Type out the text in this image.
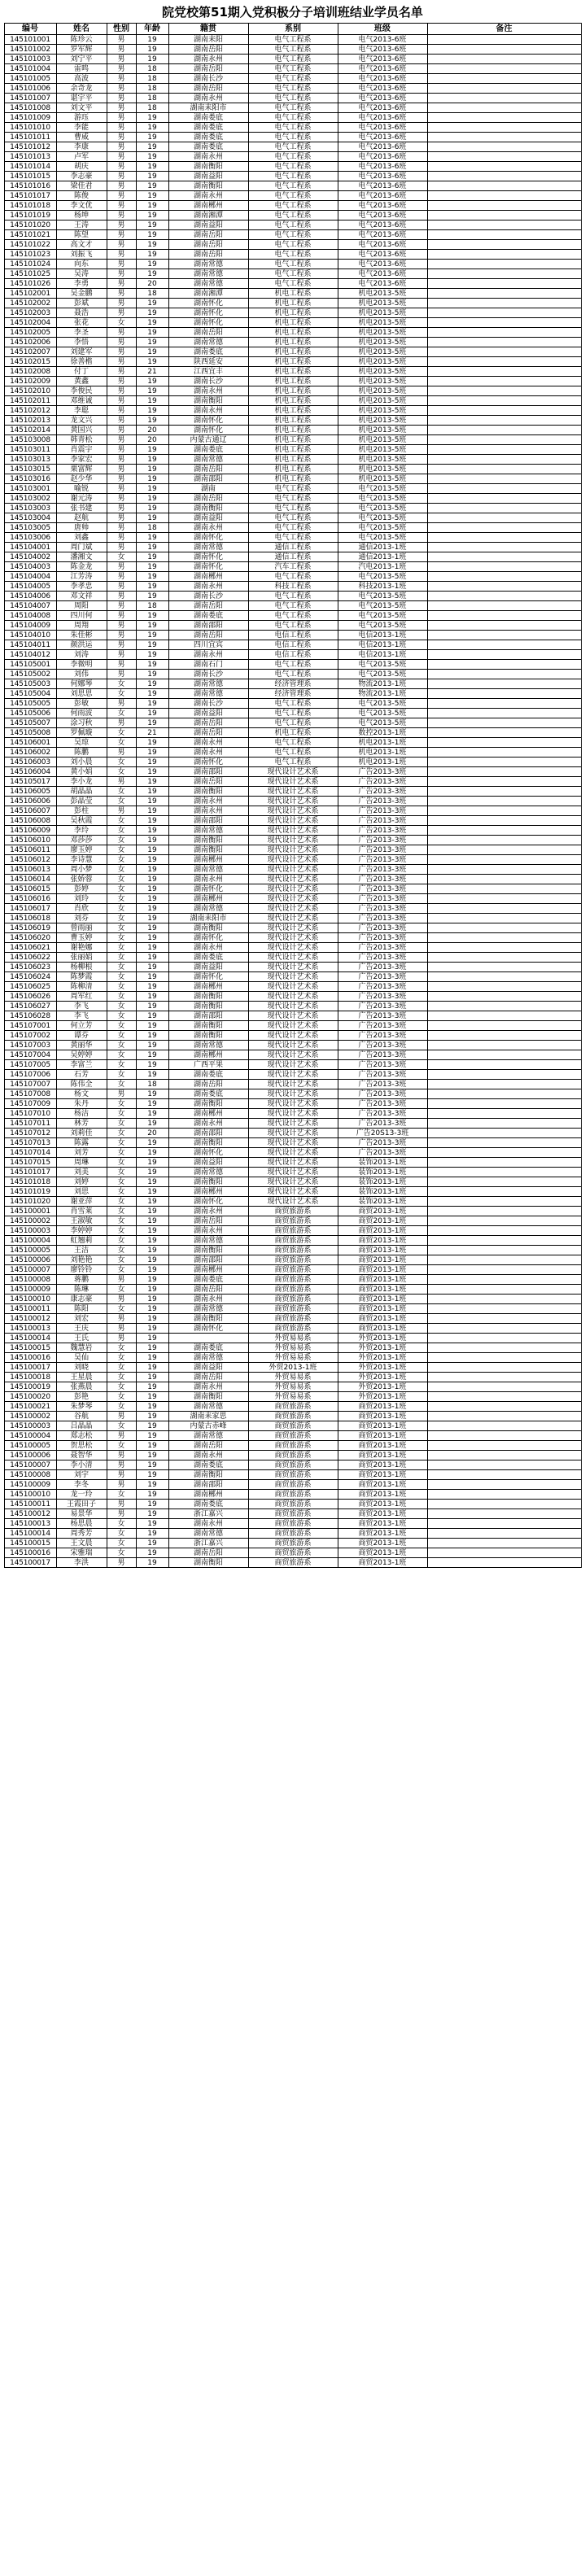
院党校第51期入党积极分子培训班结业学员名单
编号	姓名	性别	年龄	籍贯	系别	班级	备注
145101001	陈珍云	男	19	湖南耒阳	电气工程系	电气2013-6班	
145101002	罗军辉	男	19	湖南岳阳	电气工程系	电气2013-6班	
145101003	刘宁平	男	19	湖南永州	电气工程系	电气2013-6班	
145101004	雷鸣	男	18	湖南岳阳	电气工程系	电气2013-6班	
145101005	高波	男	18	湖南长沙	电气工程系	电气2013-6班	
145101006	余奇龙	男	18	湖南岳阳	电气工程系	电气2013-6班	
145101007	谌宇平	男	18	湖南永州	电气工程系	电气2013-6班	
145101008	刘文平	男	18	湖南耒阳市	电气工程系	电气2013-6班	
145101009	游珏	男	19	湖南娄底	电气工程系	电气2013-6班	
145101010	李能	男	19	湖南娄底	电气工程系	电气2013-6班	
145101011	曹威	男	19	湖南娄底	电气工程系	电气2013-6班	
145101012	李康	男	19	湖南娄底	电气工程系	电气2013-6班	
145101013	卢军	男	19	湖南永州	电气工程系	电气2013-6班	
145101014	胡庆	男	19	湖南衡阳	电气工程系	电气2013-6班	
145101015	李志豪	男	19	湖南益阳	电气工程系	电气2013-6班	
145101016	梁佳君	男	19	湖南衡阳	电气工程系	电气2013-6班	
145101017	陈俊	男	19	湖南永州	电气工程系	电气2013-6班	
145101018	李文优	男	19	湖南郴州	电气工程系	电气2013-6班	
145101019	杨坤	男	19	湖南湘潭	电气工程系	电气2013-6班	
145101020	王涛	男	19	湖南益阳	电气工程系	电气2013-6班	
145101021	陈望	男	19	湖南岳阳	电气工程系	电气2013-6班	
145101022	高文才	男	19	湖南岳阳	电气工程系	电气2013-6班	
145101023	刘振飞	男	19	湖南岳阳	电气工程系	电气2013-6班	
145101024	向东	男	19	湖南常德	电气工程系	电气2013-6班	
145101025	吴涛	男	19	湖南常德	电气工程系	电气2013-6班	
145101026	李勇	男	20	湖南常德	电气工程系	电气2013-6班	
145102001	吴金鹏	男	18	湖南湘潭	机电工程系	机电2013-5班	
145102002	彭斌	男	19	湖南怀化	机电工程系	机电2013-5班	
145102003	聂浩	男	19	湖南怀化	机电工程系	机电2013-5班	
145102004	张花	女	19	湖南怀化	机电工程系	机电2013-5班	
145102005	李圣	男	19	湖南岳阳	机电工程系	机电2013-5班	
145102006	李悟	男	19	湖南常德	机电工程系	机电2013-5班	
145102007	刘建军	男	19	湖南娄底	机电工程系	机电2013-5班	
145102015	徐善楷	男	19	陕西延安	机电工程系	机电2013-5班	
145102008	付丁	男	21	江西宜丰	机电工程系	机电2013-5班	
145102009	黄鑫	男	19	湖南长沙	机电工程系	机电2013-5班	
145102010	李俊民	男	19	湖南永州	机电工程系	机电2013-5班	
145102011	邓维诚	男	19	湖南衡阳	机电工程系	机电2013-5班	
145102012	李聪	男	19	湖南永州	机电工程系	机电2013-5班	
145102013	龙文兴	男	19	湖南怀化	机电工程系	机电2013-5班	
145102014	黄国兴	男	20	湖南怀化	机电工程系	机电2013-5班	
145103008	韩青松	男	20	内蒙古通辽	机电工程系	机电2013-5班	
145103011	肖震宇	男	19	湖南娄底	机电工程系	机电2013-5班	
145103013	李家宏	男	19	湖南常德	机电工程系	机电2013-5班	
145103015	栗富辉	男	19	湖南岳阳	机电工程系	机电2013-5班	
145103016	赵少华	男	19	湖南邵阳	机电工程系	机电2013-5班	
145103001	喻锐	男	19	湖南	电气工程系	电气2013-5班	
145103002	谢元涛	男	19	湖南岳阳	电气工程系	电气2013-5班	
145103003	张书建	男	19	湖南衡阳	电气工程系	电气2013-5班	
145103004	赵航	男	19	湖南益阳	电气工程系	电气2013-5班	
145103005	唐帅	男	18	湖南永州	电气工程系	电气2013-5班	
145103006	刘鑫	男	19	湖南怀化	电气工程系	电气2013-5班	
145104001	周门斌	男	19	湖南常德	通信工程系	通信2013-1班	
145104002	潘湘文	女	19	湖南怀化	通信工程系	通信2013-1班	
145104003	陈金龙	男	19	湖南怀化	汽车工程系	汽电2013-1班	
145104004	江芳涛	男	19	湖南郴州	电气工程系	电气2013-5班	
145104005	李孝忠	男	19	湖南永州	科技工程系	科技2013-1班	
145104006	邓文祥	男	19	湖南长沙	电气工程系	电气2013-5班	
145104007	周阳	男	18	湖南岳阳	电气工程系	电气2013-5班	
145104008	四川何	男	19	湖南娄底	电气工程系	电气2013-5班	
145104009	周翔	男	19	湖南邵阳	电气工程系	电气2013-5班	
145104010	朱佳彬	男	19	湖南岳阳	电信工程系	电信2013-1班	
145104011	颜洪运	男	19	四川宜宾	电信工程系	电信2013-1班	
145104012	刘涛	男	19	湖南永州	电信工程系	电信2013-1班	
145105001	李微明	男	19	湖南石门	电气工程系	电气2013-5班	
145105002	刘伟	男	19	湖南长沙	电气工程系	电气2013-5班	
145105003	何娜琴	女	19	湖南常德	经济管理系	物流2013-1班	
145105004	刘思思	女	19	湖南常德	经济管理系	物流2013-1班	
145105005	彭敏	男	19	湖南长沙	电气工程系	电气2013-5班	
145105006	何雨波	女	19	湖南益阳	电气工程系	电气2013-5班	
145105007	涂习秋	男	19	湖南岳阳	电气工程系	电气2013-5班	
145105008	罗佩璇	女	21	湖南岳阳	机电工程系	数控2013-1班	
145106001	吴琼	女	19	湖南永州	电气工程系	机电2013-1班	
145106002	陈鹏	男	19	湖南永州	电气工程系	机电2013-1班	
145106003	刘小晨	女	19	湖南怀化	电气工程系	机电2013-1班	
145106004	黄小娟	女	19	湖南邵阳	现代设计艺术系	广告2013-3班	
145105017	李小龙	男	19	湖南岳阳	现代设计艺术系	广告2013-3班	
145106005	胡晶晶	女	19	湖南衡阳	现代设计艺术系	广告2013-3班	
145106006	彭晶莹	女	19	湖南永州	现代设计艺术系	广告2013-3班	
145106007	彭柱	男	19	湖南永州	现代设计艺术系	广告2013-3班	
145106008	吴秋霞	女	19	湖南邵阳	现代设计艺术系	广告2013-3班	
145106009	李玲	女	19	湖南常德	现代设计艺术系	广告2013-3班	
145106010	邓莎莎	女	19	湖南衡阳	现代设计艺术系	广告2013-3班	
145106011	廖玉婷	女	19	湖南衡阳	现代设计艺术系	广告2013-3班	
145106012	李诗慧	女	19	湖南郴州	现代设计艺术系	广告2013-3班	
145106013	周小梦	女	19	湖南常德	现代设计艺术系	广告2013-3班	
145106014	张娇蓉	女	19	湖南永州	现代设计艺术系	广告2013-3班	
145106015	彭婷	女	19	湖南怀化	现代设计艺术系	广告2013-3班	
145106016	刘玲	女	19	湖南郴州	现代设计艺术系	广告2013-3班	
145106017	肖欣	女	19	湖南常德	现代设计艺术系	广告2013-3班	
145106018	刘芬	女	19	湖南耒阳市	现代设计艺术系	广告2013-3班	
145106019	曾雨丽	女	19	湖南衡阳	现代设计艺术系	广告2013-3班	
145106020	曹玉婷	女	19	湖南怀化	现代设计艺术系	广告2013-3班	
145106021	谢艳娜	女	19	湖南永州	现代设计艺术系	广告2013-3班	
145106022	张丽娟	女	19	湖南娄底	现代设计艺术系	广告2013-3班	
145106023	杨柳根	女	19	湖南益阳	现代设计艺术系	广告2013-3班	
145106024	陈梦霞	女	19	湖南怀化	现代设计艺术系	广告2013-3班	
145106025	陈柳清	女	19	湖南郴州	现代设计艺术系	广告2013-3班	
145106026	周军红	女	19	湖南衡阳	现代设计艺术系	广告2013-3班	
145106027	李飞	女	19	湖南衡阳	现代设计艺术系	广告2013-3班	
145106028	李飞	女	19	湖南邵阳	现代设计艺术系	广告2013-3班	
145107001	何立芳	女	19	湖南衡阳	现代设计艺术系	广告2013-3班	
145107002	谭芬	女	19	湖南衡阳	现代设计艺术系	广告2013-3班	
145107003	黄丽华	女	19	湖南常德	现代设计艺术系	广告2013-3班	
145107004	吴婷婷	女	19	湖南郴州	现代设计艺术系	广告2013-3班	
145107005	李富兰	女	19	广西平果	现代设计艺术系	广告2013-3班	
145107006	石芳	女	19	湖南娄底	现代设计艺术系	广告2013-3班	
145107007	陈伟全	女	18	湖南岳阳	现代设计艺术系	广告2013-3班	
145107008	杨文	男	19	湖南娄底	现代设计艺术系	广告2013-3班	
145107009	朱丹	女	19	湖南衡阳	现代设计艺术系	广告2013-3班	
145107010	杨洁	女	19	湖南郴州	现代设计艺术系	广告2013-3班	
145107011	林芳	女	19	湖南永州	现代设计艺术系	广告2013-3班	
145107012	刘莉佳	女	20	湖南邵阳	现代设计艺术系	广告20S13-3班	
145107013	陈露	女	19	湖南衡阳	现代设计艺术系	广告2013-3班	
145107014	刘芳	女	19	湖南怀化	现代设计艺术系	广告2013-3班	
145107015	周琳	女	19	湖南益阳	现代设计艺术系	装饰2013-1班	
145101017	刘美	女	19	湖南常德	现代设计艺术系	装饰2013-1班	
145101018	刘婷	女	19	湖南衡阳	现代设计艺术系	装饰2013-1班	
145101019	刘思	女	19	湖南郴州	现代设计艺术系	装饰2013-1班	
145101020	谢亚萍	女	19	湖南怀化	现代设计艺术系	装饰2013-1班	
145100001	肖雪莱	女	19	湖南永州	商贸旅游系	商贸2013-1班	
145100002	王淑敏	女	19	湖南岳阳	商贸旅游系	商贸2013-1班	
145100003	李婷婷	女	19	湖南永州	商贸旅游系	商贸2013-1班	
145100004	虹翘莉	女	19	湖南常德	商贸旅游系	商贸2013-1班	
145100005	王洁	女	19	湖南衡阳	商贸旅游系	商贸2013-1班	
145100006	刘艳艳	女	19	湖南邵阳	商贸旅游系	商贸2013-1班	
145100007	廖铃铃	女	19	湖南郴州	商贸旅游系	商贸2013-1班	
145100008	蒋鹏	男	19	湖南娄底	商贸旅游系	商贸2013-1班	
145100009	陈琳	女	19	湖南岳阳	商贸旅游系	商贸2013-1班	
145100010	康志豪	男	19	湖南永州	商贸旅游系	商贸2013-1班	
145100011	陈阳	女	19	湖南常德	商贸旅游系	商贸2013-1班	
145100012	刘宏	男	19	湖南衡阳	商贸旅游系	商贸2013-1班	
145100013	王庆	男	19	湖南怀化	商贸旅游系	商贸2013-1班	
145100014	王氏	男	19		外贸易易系	外贸2013-1班	
145100015	魏慧岩	女	19	湖南娄底	外贸易易系	外贸2013-1班	
145100016	吴仙	女	19	湖南常德	外贸易易系	外贸2013-1班	
145100017	刘晓	女	19	湖南益阳	外贸2013-1班	外贸2013-1班	
145100018	王星晨	女	19	湖南岳阳	外贸易易系	外贸2013-1班	
145100019	张燕晨	女	19	湖南永州	外贸易易系	外贸2013-1班	
145100020	彭艳	女	19	湖南衡阳	外贸易易系	外贸2013-1班	
145100021	朱梦琴	女	19	湖南常德	商贸旅游系	商贸2013-1班	
145100002	谷航	男	19	湖南耒家思	商贸旅游系	商贸2013-1班	
145100003	吕晶晶	女	19	内蒙古赤峰	商贸旅游系	商贸2013-1班	
145100004	郑志松	男	19	湖南常德	商贸旅游系	商贸2013-1班	
145100005	贺思松	女	19	湖南岳阳	商贸旅游系	商贸2013-1班	
145100006	聂智华	男	19	湖南永州	商贸旅游系	商贸2013-1班	
145100007	李小清	男	19	湖南娄底	商贸旅游系	商贸2013-1班	
145100008	刘宇	男	19	湖南衡阳	商贸旅游系	商贸2013-1班	
145100009	李冬	男	19	湖南邵阳	商贸旅游系	商贸2013-1班	
145100010	龙一玲	女	19	湖南郴州	商贸旅游系	商贸2013-1班	
145100011	王霞田子	男	19	湖南娄底	商贸旅游系	商贸2013-1班	
145100012	易景华	男	19	浙江嘉兴	商贸旅游系	商贸2013-1班	
145100013	杨思晨	女	19	湖南永州	商贸旅游系	商贸2013-1班	
145100014	周秀芳	女	19	湖南常德	商贸旅游系	商贸2013-1班	
145100015	王文晨	女	19	浙江嘉兴	商贸旅游系	商贸2013-1班	
145100016	宋雅瑞	女	19	湖南岳阳	商贸旅游系	商贸2013-1班	
145100017	李洪	男	19	湖南衡阳	商贸旅游系	商贸2013-1班	
